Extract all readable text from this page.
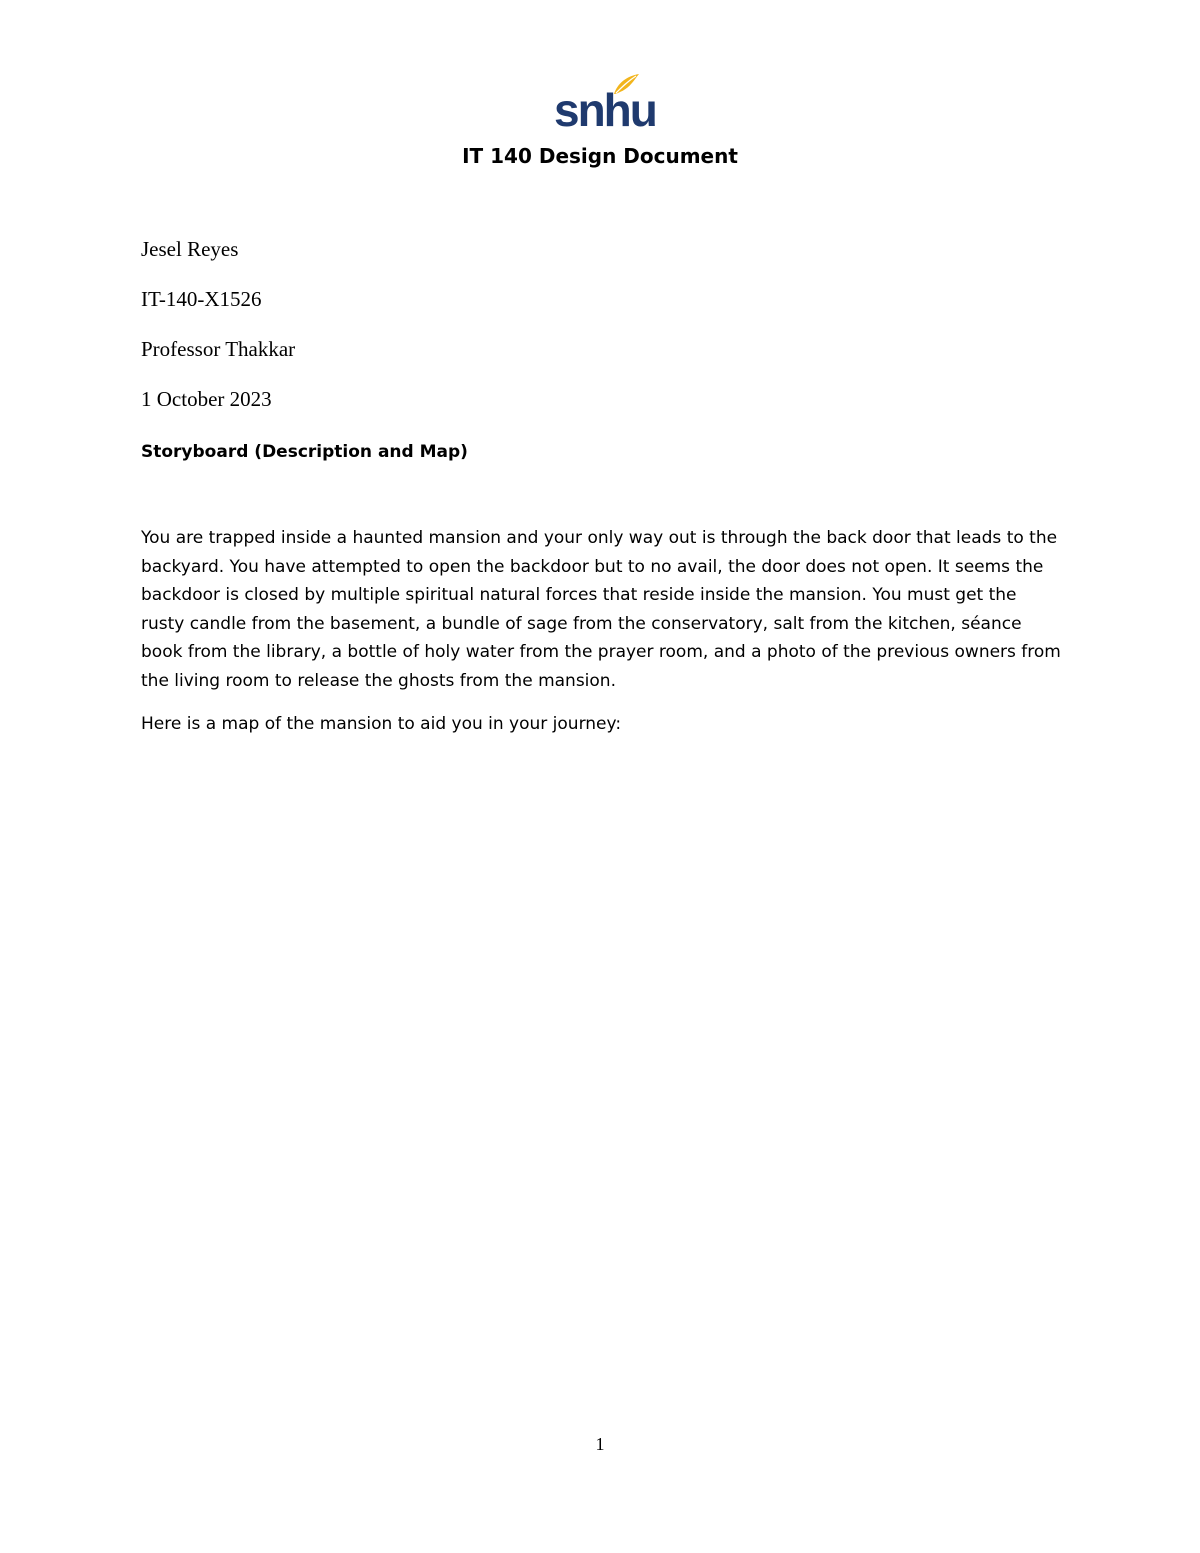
snhu
IT 140 Design Document
Jesel Reyes
IT-140-X1526
Professor Thakkar
1 October 2023
Storyboard (Description and Map)
You are trapped inside a haunted mansion and your only way out is through the back door that leads to the backyard. You have attempted to open the backdoor but to no avail, the door does not open. It seems the backdoor is closed by multiple spiritual natural forces that reside inside the mansion. You must get the rusty candle from the basement, a bundle of sage from the conservatory, salt from the kitchen, séance book from the library, a bottle of holy water from the prayer room, and a photo of the previous owners from the living room to release the ghosts from the mansion.
Here is a map of the mansion to aid you in your journey:
1
